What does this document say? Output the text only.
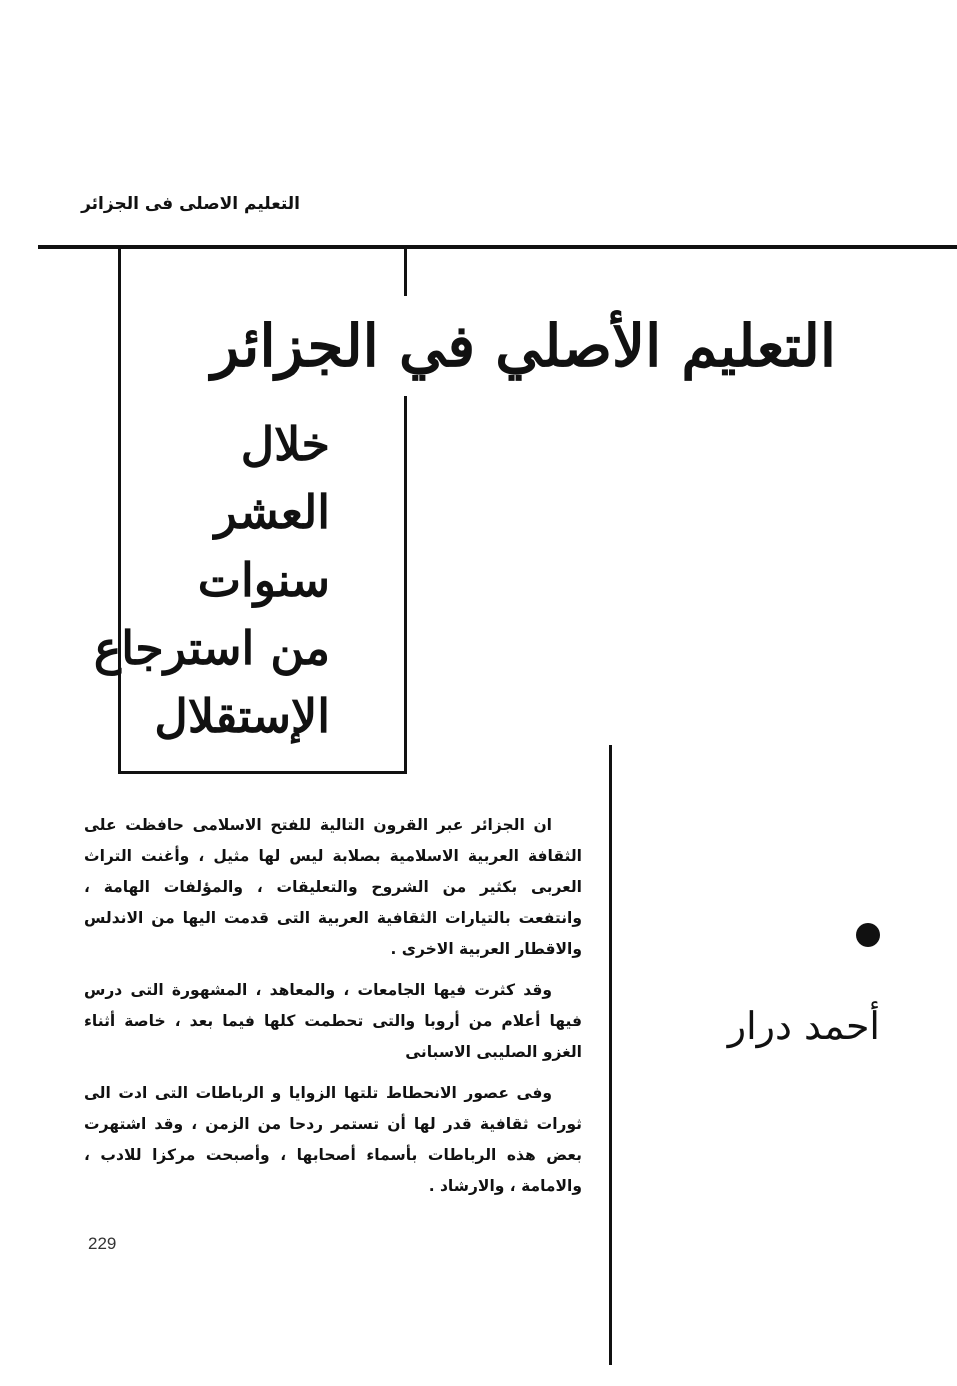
التعليم الاصلى فى الجزائر
التعليم الأصلي في الجزائر
خلال
العشر
سنوات
من استرجاع
الإستقلال
أحمد درار

ان الجزائر عبر القرون التالية للفتح الاسلامى حافظت على الثقافة العربية الاسلامية بصلابة ليس لها مثيل ، وأغنت التراث العربى بكثير من الشروح والتعليقات ، والمؤلفات الهامة ، وانتفعت بالتيارات الثقافية العربية التى قدمت اليها من الاندلس والاقطار العربية الاخرى .

وقد كثرت فيها الجامعات ، والمعاهد ، المشهورة التى درس فيها أعلام من أروبا والتى تحطمت كلها فيما بعد ، خاصة أثناء الغزو الصليبى الاسبانى

وفى عصور الانحطاط تلتها الزوايا و الرباطات التى ادت الى ثورات ثقافية قدر لها أن تستمر ردحا من الزمن ، وقد اشتهرت بعض هذه الرباطات بأسماء أصحابها ، وأصبحت مركزا للادب ، والامامة ، والارشاد .

229
